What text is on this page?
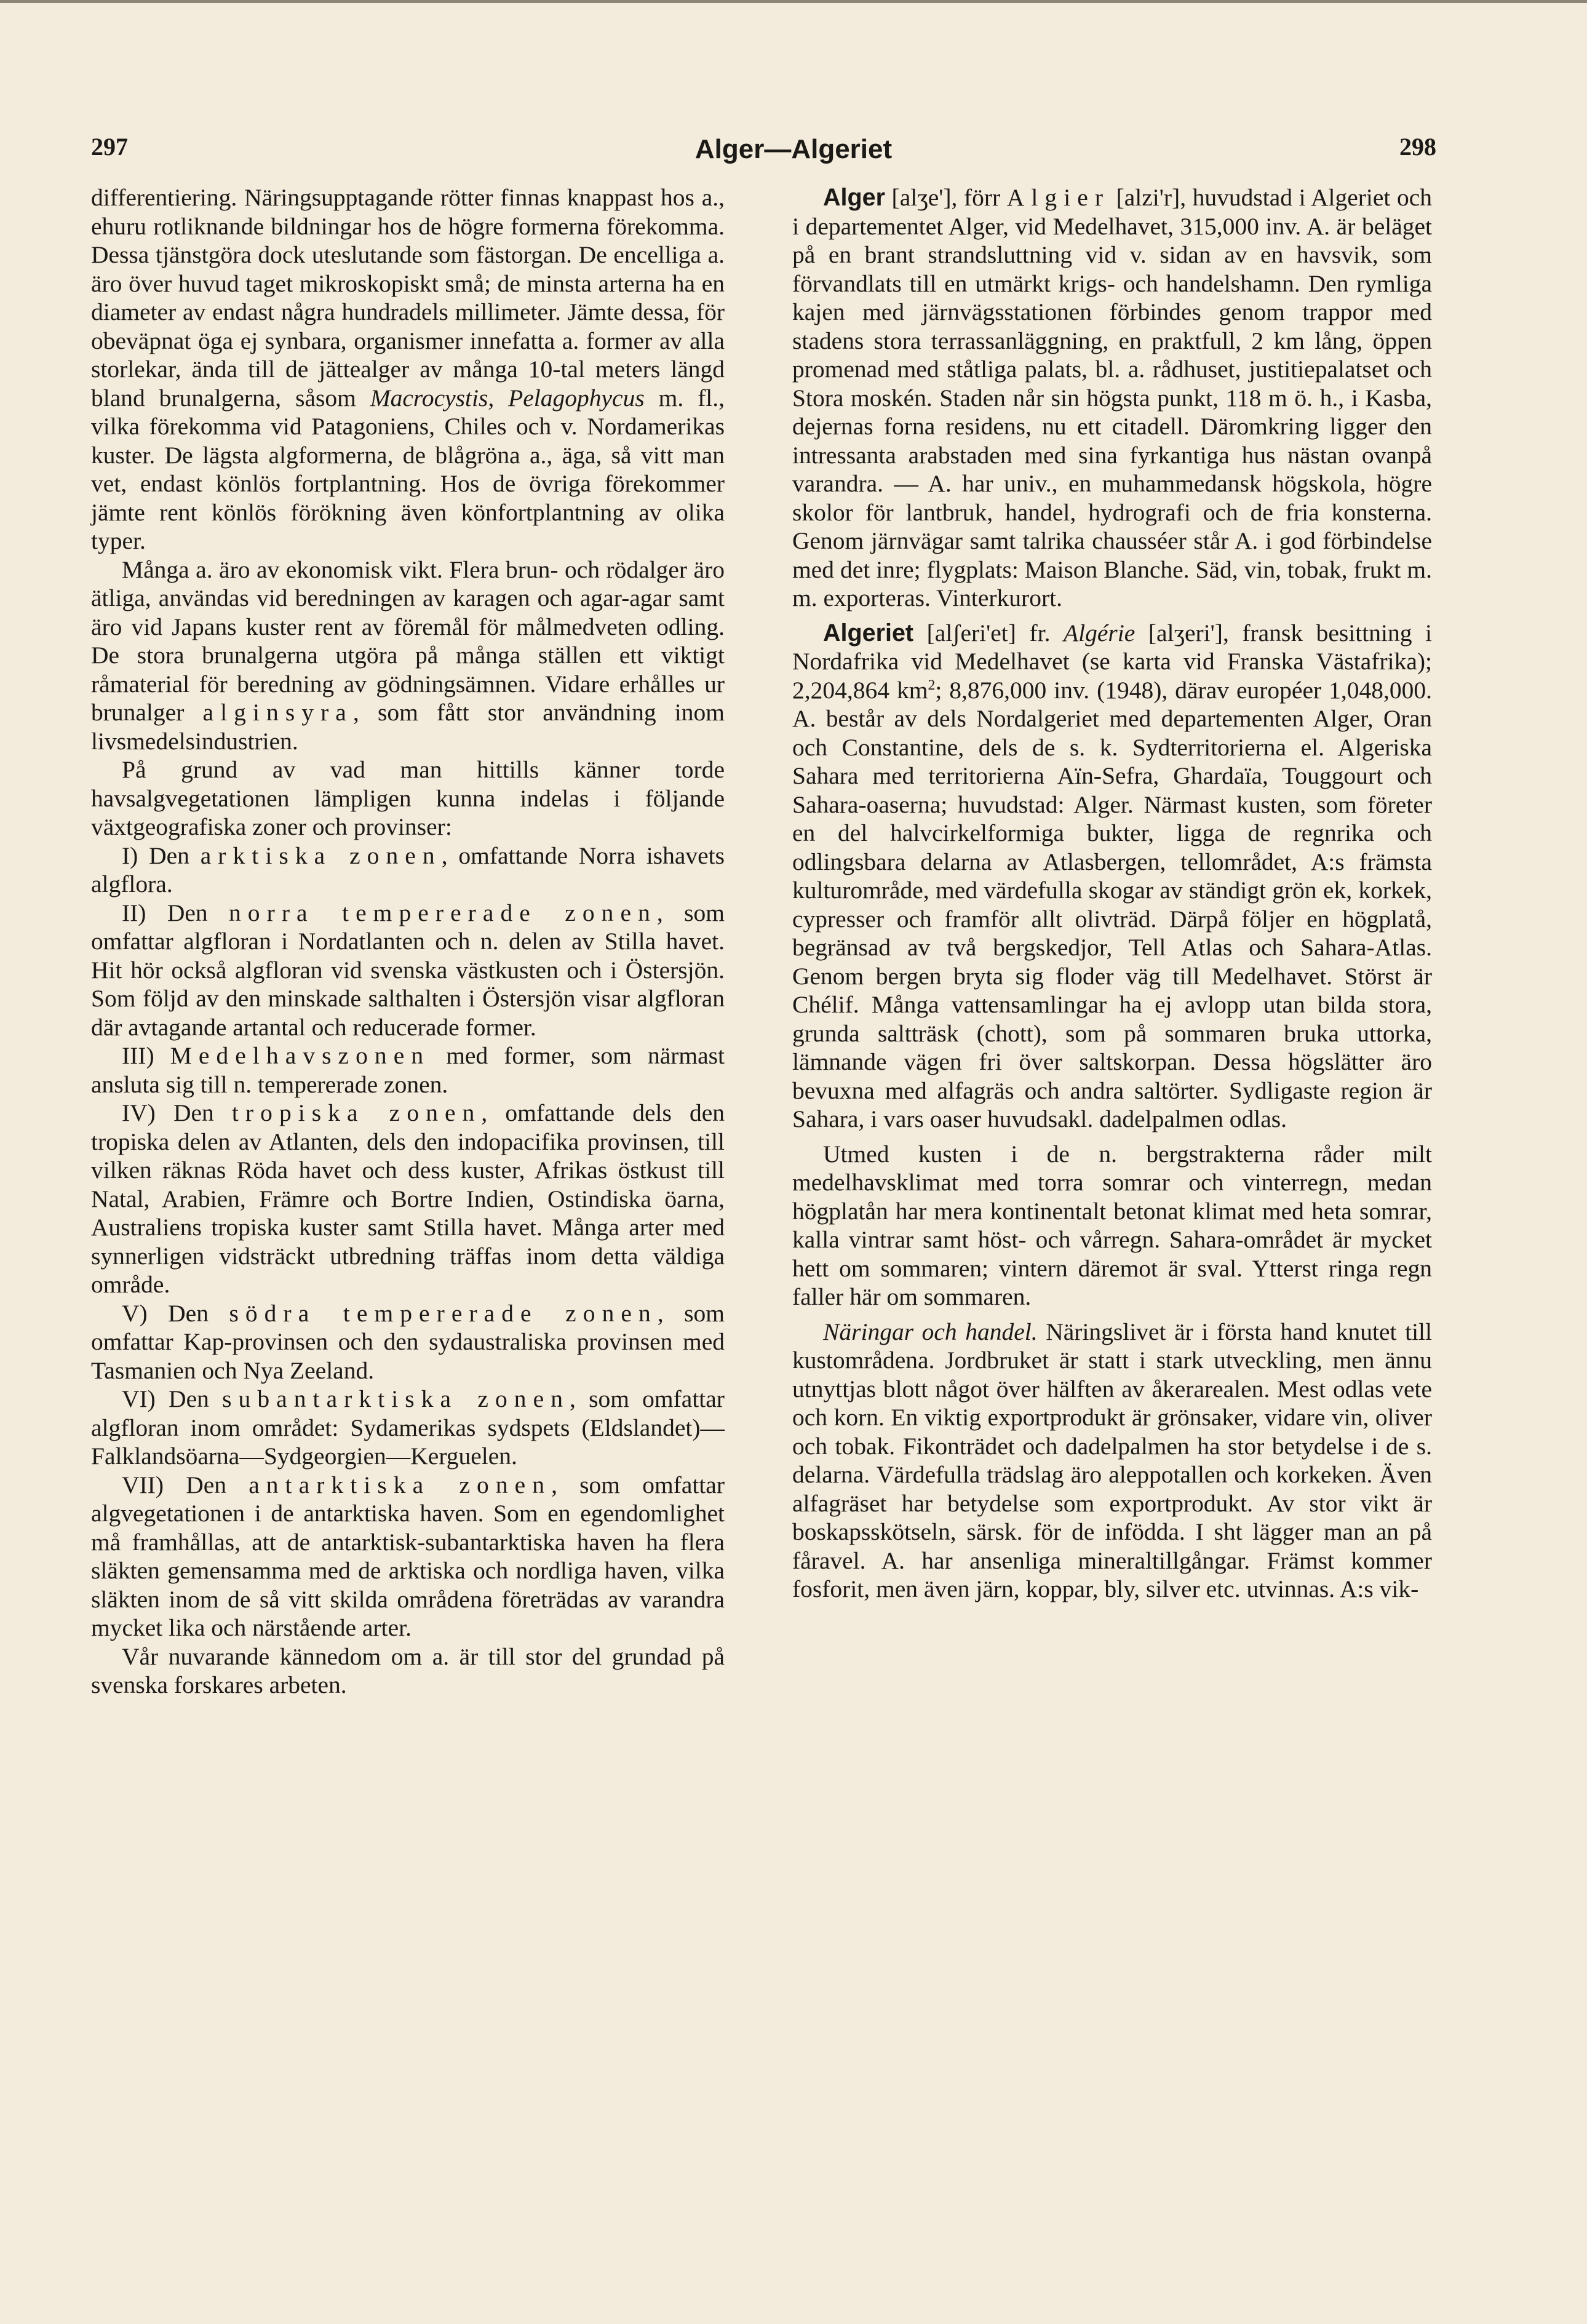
297	Alger—Algeriet	298

differentiering. Näringsupptagande rötter finnas knappast hos a., ehuru rotliknande bildningar hos de högre formerna förekomma. Dessa tjänstgöra dock uteslutande som fästorgan. De encelliga a. äro över huvud taget mikroskopiskt små; de minsta arterna ha en diameter av endast några hundradels millimeter. Jämte dessa, för obeväpnat öga ej synbara, organismer innefatta a. former av alla storlekar, ända till de jättealger av många 10-tal meters längd bland brunalgerna, såsom Macrocystis, Pelagophycus m. fl., vilka förekomma vid Patagoniens, Chiles och v. Nordamerikas kuster. De lägsta algformerna, de blågröna a., äga, så vitt man vet, endast könlös fortplantning. Hos de övriga förekommer jämte rent könlös förökning även könfortplantning av olika typer.

Många a. äro av ekonomisk vikt. Flera brun- och rödalger äro ätliga, användas vid beredningen av karagen och agar-agar samt äro vid Japans kuster rent av föremål för målmedveten odling. De stora brunalgerna utgöra på många ställen ett viktigt råmaterial för beredning av gödningsämnen. Vidare erhålles ur brunalger alginsyra, som fått stor användning inom livsmedelsindustrien.

På grund av vad man hittills känner torde havsalgvegetationen lämpligen kunna indelas i följande växtgeografiska zoner och provinser:

I) Den arktiska zonen, omfattande Norra ishavets algflora.

II) Den norra tempererade zonen, som omfattar algfloran i Nordatlanten och n. delen av Stilla havet. Hit hör också algfloran vid svenska västkusten och i Östersjön. Som följd av den minskade salthalten i Östersjön visar algfloran där avtagande artantal och reducerade former.

III) Medelhavszonen med former, som närmast ansluta sig till n. tempererade zonen.

IV) Den tropiska zonen, omfattande dels den tropiska delen av Atlanten, dels den indopacifika provinsen, till vilken räknas Röda havet och dess kuster, Afrikas östkust till Natal, Arabien, Främre och Bortre Indien, Ostindiska öarna, Australiens tropiska kuster samt Stilla havet. Många arter med synnerligen vidsträckt utbredning träffas inom detta väldiga område.

V) Den södra tempererade zonen, som omfattar Kap-provinsen och den sydaustraliska provinsen med Tasmanien och Nya Zeeland.

VI) Den subantarktiska zonen, som omfattar algfloran inom området: Sydamerikas sydspets (Eldslandet)—Falklandsöarna—Sydgeorgien—Kerguelen.

VII) Den antarktiska zonen, som omfattar algvegetationen i de antarktiska haven. Som en egendomlighet må framhållas, att de antarktisk-subantarktiska haven ha flera släkten gemensamma med de arktiska och nordliga haven, vilka släkten inom de så vitt skilda områdena företrädas av varandra mycket lika och närstående arter.

Vår nuvarande kännedom om a. är till stor del grundad på svenska forskares arbeten.

Alger [alʒe'], förr Algier [alzi'r], huvudstad i Algeriet och i departementet Alger, vid Medelhavet, 315,000 inv. A. är beläget på en brant strandsluttning vid v. sidan av en havsvik, som förvandlats till en utmärkt krigs- och handelshamn. Den rymliga kajen med järnvägsstationen förbindes genom trappor med stadens stora terrassanläggning, en praktfull, 2 km lång, öppen promenad med ståtliga palats, bl. a. rådhuset, justitiepalatset och Stora moskén. Staden når sin högsta punkt, 118 m ö. h., i Kasba, dejernas forna residens, nu ett citadell. Däromkring ligger den intressanta arabstaden med sina fyrkantiga hus nästan ovanpå varandra. — A. har univ., en muhammedansk högskola, högre skolor för lantbruk, handel, hydrografi och de fria konsterna. Genom järnvägar samt talrika chausséer står A. i god förbindelse med det inre; flygplats: Maison Blanche. Säd, vin, tobak, frukt m. m. exporteras. Vinterkurort.

Algeriet [alʃeri'et] fr. Algérie [alʒeri'], fransk besittning i Nordafrika vid Medelhavet (se karta vid Franska Västafrika); 2,204,864 $km^2$; 8,876,000 inv. (1948), därav européer 1,048,000. A. består av dels Nordalgeriet med departementen Alger, Oran och Constantine, dels de s. k. Sydterritorierna el. Algeriska Sahara med territorierna Aïn-Sefra, Ghardaïa, Touggourt och Sahara-oaserna; huvudstad: Alger. Närmast kusten, som företer en del halvcirkelformiga bukter, ligga de regnrika och odlingsbara delarna av Atlasbergen, tellområdet, A:s främsta kulturområde, med värdefulla skogar av ständigt grön ek, korkek, cypresser och framför allt olivträd. Därpå följer en högplatå, begränsad av två bergskedjor, Tell Atlas och Sahara-Atlas. Genom bergen bryta sig floder väg till Medelhavet. Störst är Chélif. Många vattensamlingar ha ej avlopp utan bilda stora, grunda saltträsk (chott), som på sommaren bruka uttorka, lämnande vägen fri över saltskorpan. Dessa högslätter äro bevuxna med alfagräs och andra saltörter. Sydligaste region är Sahara, i vars oaser huvudsakl. dadelpalmen odlas.

Utmed kusten i de n. bergstrakterna råder milt medelhavsklimat med torra somrar och vinterregn, medan högplatån har mera kontinentalt betonat klimat med heta somrar, kalla vintrar samt höst- och vårregn. Sahara-området är mycket hett om sommaren; vintern däremot är sval. Ytterst ringa regn faller här om sommaren.

Näringar och handel. Näringslivet är i första hand knutet till kustområdena. Jordbruket är statt i stark utveckling, men ännu utnyttjas blott något över hälften av åkerarealen. Mest odlas vete och korn. En viktig exportprodukt är grönsaker, vidare vin, oliver och tobak. Fikonträdet och dadelpalmen ha stor betydelse i de s. delarna. Värdefulla trädslag äro aleppotallen och korkeken. Även alfagräset har betydelse som exportprodukt. Av stor vikt är boskapsskötseln, särsk. för de infödda. I sht lägger man an på fåravel. A. har ansenliga mineraltillgångar. Främst kommer fosforit, men även järn, koppar, bly, silver etc. utvinnas. A:s vik-
